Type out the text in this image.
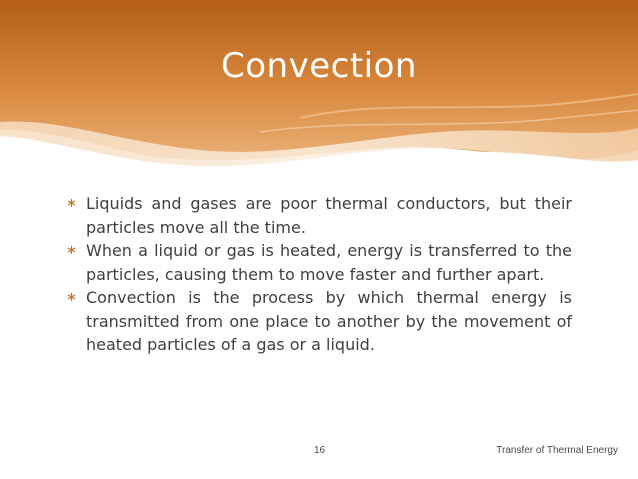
Convection
∗ Liquids and gases are poor thermal conductors, but their particles move all the time.
∗ When a liquid or gas is heated, energy is transferred to the particles, causing them to move faster and further apart.
∗ Convection is the process by which thermal energy is transmitted from one place to another by the movement of heated particles of a gas or a liquid.
16	Transfer of Thermal Energy
